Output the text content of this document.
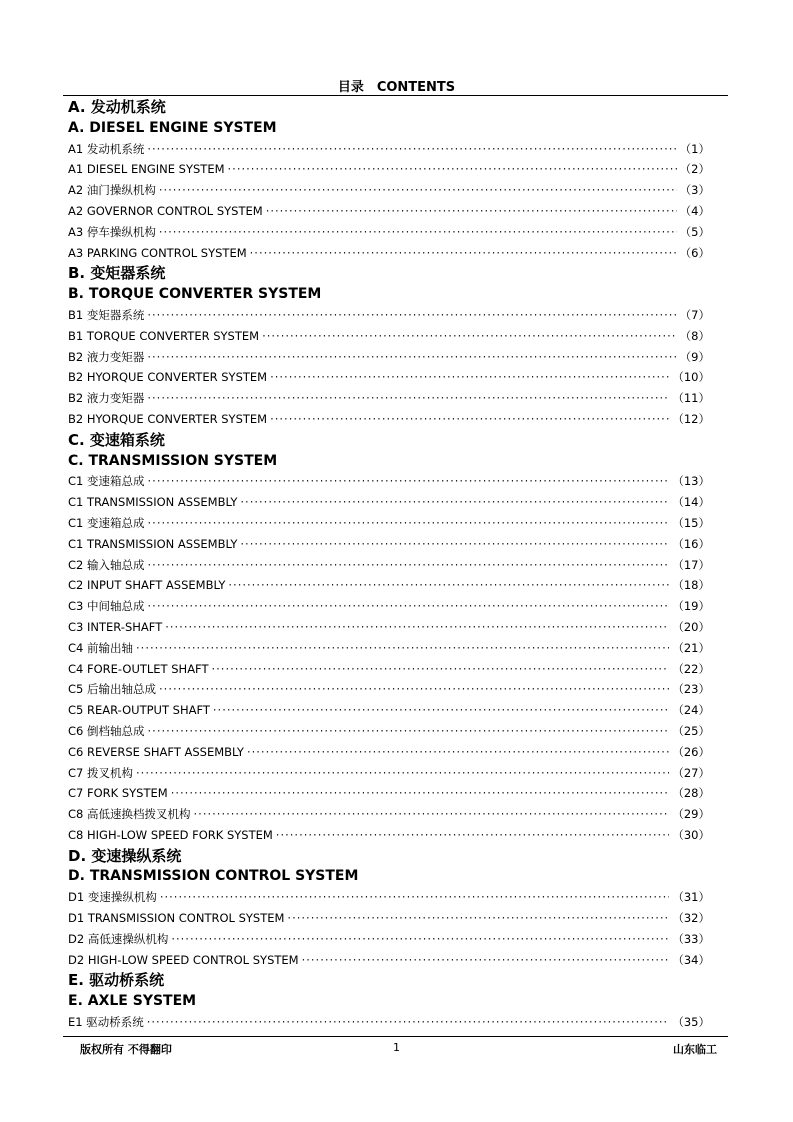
目录　CONTENTS
A. 发动机系统
A. DIESEL ENGINE SYSTEM
A1 发动机系统 ·····	（1）
A1 DIESEL ENGINE SYSTEM ·····	（2）
A2 油门操纵机构 ·····	（3）
A2 GOVERNOR CONTROL SYSTEM ·····	（4）
A3 停车操纵机构 ·····	（5）
A3 PARKING CONTROL SYSTEM ·····	（6）
B. 变矩器系统
B. TORQUE CONVERTER SYSTEM
B1 变矩器系统 ·····	（7）
B1 TORQUE CONVERTER SYSTEM ·····	（8）
B2 液力变矩器 ·····	（9）
B2 HYORQUE CONVERTER SYSTEM ·····	（10）
B2 液力变矩器 ·····	（11）
B2 HYORQUE CONVERTER SYSTEM ·····	（12）
C. 变速箱系统
C. TRANSMISSION SYSTEM
C1 变速箱总成 ·····	（13）
C1 TRANSMISSION ASSEMBLY ·····	（14）
C1 变速箱总成 ·····	（15）
C1 TRANSMISSION ASSEMBLY ·····	（16）
C2 输入轴总成 ·····	（17）
C2 INPUT SHAFT ASSEMBLY ·····	（18）
C3 中间轴总成 ·····	（19）
C3 INTER-SHAFT ·····	（20）
C4 前输出轴 ·····	（21）
C4 FORE-OUTLET SHAFT ·····	（22）
C5 后输出轴总成 ·····	（23）
C5 REAR-OUTPUT SHAFT ·····	（24）
C6 倒档轴总成 ·····	（25）
C6 REVERSE SHAFT ASSEMBLY ·····	（26）
C7 拨叉机构 ·····	（27）
C7 FORK SYSTEM ·····	（28）
C8 高低速换档拨叉机构 ·····	（29）
C8 HIGH-LOW SPEED FORK SYSTEM ·····	（30）
D. 变速操纵系统
D. TRANSMISSION CONTROL SYSTEM
D1 变速操纵机构 ·····	（31）
D1 TRANSMISSION CONTROL SYSTEM ·····	（32）
D2 高低速操纵机构 ·····	（33）
D2 HIGH-LOW SPEED CONTROL SYSTEM ·····	（34）
E. 驱动桥系统
E. AXLE SYSTEM
E1 驱动桥系统 ·····	（35）
版权所有 不得翻印	1	山东临工
